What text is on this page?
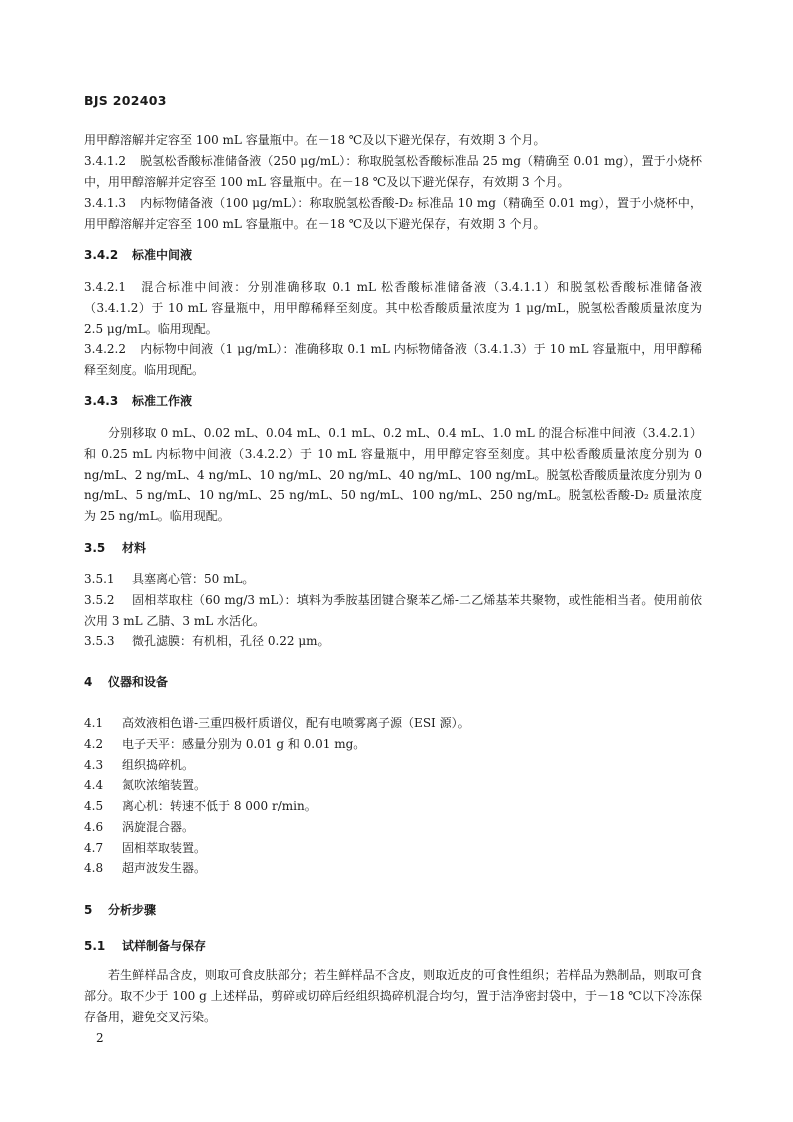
BJS 202403
用甲醇溶解并定容至 100 mL 容量瓶中。在－18 ℃及以下避光保存，有效期 3 个月。
3.4.1.2 脱氢松香酸标准储备液（250 μg/mL）：称取脱氢松香酸标准品 25 mg（精确至 0.01 mg），置于小烧杯中，用甲醇溶解并定容至 100 mL 容量瓶中。在－18 ℃及以下避光保存，有效期 3 个月。
3.4.1.3 内标物储备液（100 μg/mL）：称取脱氢松香酸-D₂ 标准品 10 mg（精确至 0.01 mg），置于小烧杯中，用甲醇溶解并定容至 100 mL 容量瓶中。在－18 ℃及以下避光保存，有效期 3 个月。
3.4.2 标准中间液
3.4.2.1 混合标准中间液：分别准确移取 0.1 mL 松香酸标准储备液（3.4.1.1）和脱氢松香酸标准储备液（3.4.1.2）于 10 mL 容量瓶中，用甲醇稀释至刻度。其中松香酸质量浓度为 1 μg/mL，脱氢松香酸质量浓度为 2.5 μg/mL。临用现配。
3.4.2.2 内标物中间液（1 μg/mL）：准确移取 0.1 mL 内标物储备液（3.4.1.3）于 10 mL 容量瓶中，用甲醇稀释至刻度。临用现配。
3.4.3 标准工作液
分别移取 0 mL、0.02 mL、0.04 mL、0.1 mL、0.2 mL、0.4 mL、1.0 mL 的混合标准中间液（3.4.2.1）和 0.25 mL 内标物中间液（3.4.2.2）于 10 mL 容量瓶中，用甲醇定容至刻度。其中松香酸质量浓度分别为 0 ng/mL、2 ng/mL、4 ng/mL、10 ng/mL、20 ng/mL、40 ng/mL、100 ng/mL。脱氢松香酸质量浓度分别为 0 ng/mL、5 ng/mL、10 ng/mL、25 ng/mL、50 ng/mL、100 ng/mL、250 ng/mL。脱氢松香酸-D₂ 质量浓度为 25 ng/mL。临用现配。
3.5 材料
3.5.1 具塞离心管：50 mL。
3.5.2 固相萃取柱（60 mg/3 mL）：填料为季胺基团键合聚苯乙烯-二乙烯基苯共聚物，或性能相当者。使用前依次用 3 mL 乙腈、3 mL 水活化。
3.5.3 微孔滤膜：有机相，孔径 0.22 μm。
4 仪器和设备
4.1 高效液相色谱-三重四极杆质谱仪，配有电喷雾离子源（ESI 源）。
4.2 电子天平：感量分别为 0.01 g 和 0.01 mg。
4.3 组织捣碎机。
4.4 氮吹浓缩装置。
4.5 离心机：转速不低于 8 000 r/min。
4.6 涡旋混合器。
4.7 固相萃取装置。
4.8 超声波发生器。
5 分析步骤
5.1 试样制备与保存
若生鲜样品含皮，则取可食皮肤部分；若生鲜样品不含皮，则取近皮的可食性组织；若样品为熟制品，则取可食部分。取不少于 100 g 上述样品，剪碎或切碎后经组织捣碎机混合均匀，置于洁净密封袋中，于－18 ℃以下冷冻保存备用，避免交叉污染。
2
